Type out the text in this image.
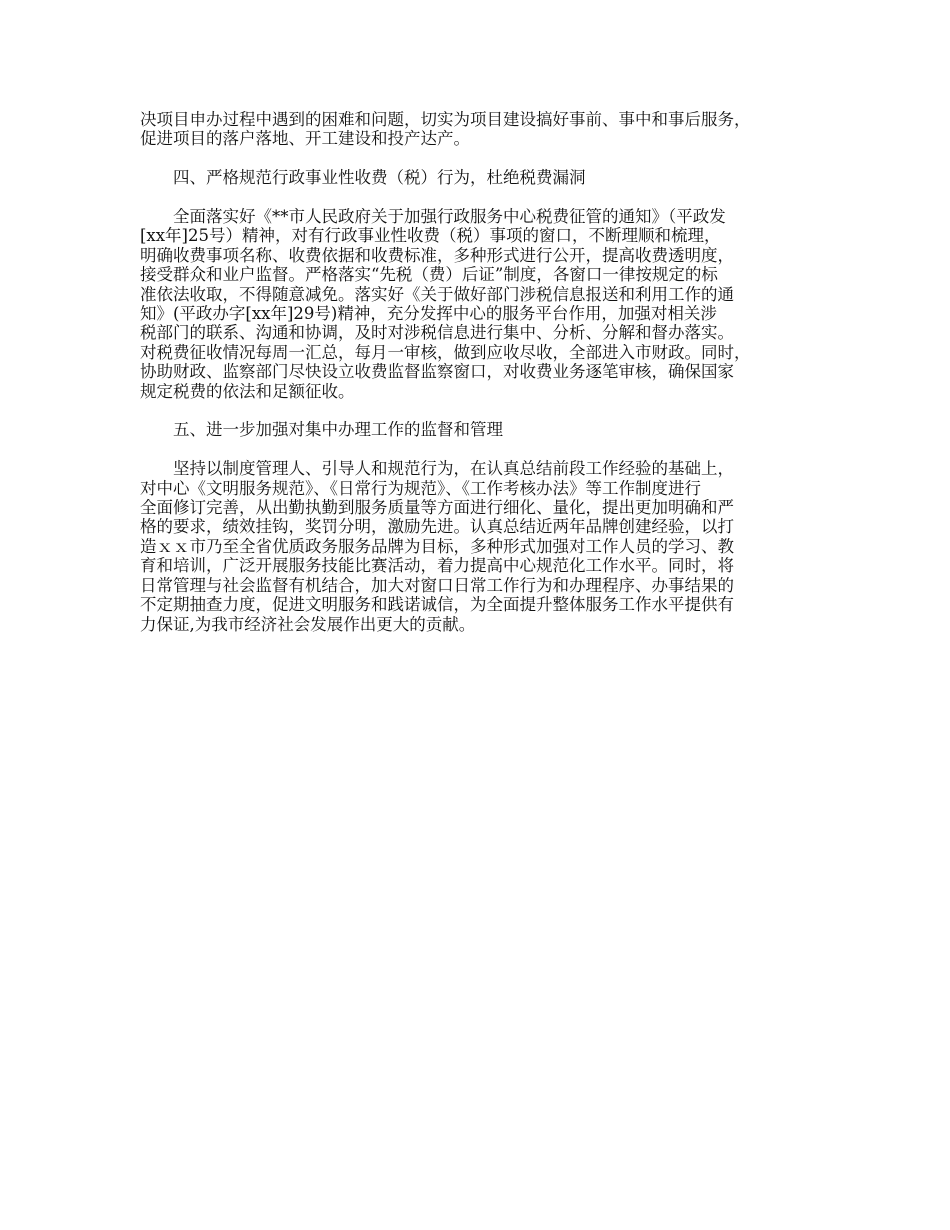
决项目申办过程中遇到的困难和问题，切实为项目建设搞好事前、事中和事后服务，
促进项目的落户落地、开工建设和投产达产。

四、严格规范行政事业性收费（税）行为，杜绝税费漏洞

全面落实好《**市人民政府关于加强行政服务中心税费征管的通知》（平政发
[xx年]25号）精神，对有行政事业性收费（税）事项的窗口，不断理顺和梳理，
明确收费事项名称、收费依据和收费标准，多种形式进行公开，提高收费透明度，
接受群众和业户监督。严格落实“先税（费）后证”制度，各窗口一律按规定的标
准依法收取，不得随意减免。落实好《关于做好部门涉税信息报送和利用工作的通
知》(平政办字[xx年]29号)精神，充分发挥中心的服务平台作用，加强对相关涉
税部门的联系、沟通和协调，及时对涉税信息进行集中、分析、分解和督办落实。
对税费征收情况每周一汇总，每月一审核，做到应收尽收，全部进入市财政。同时，
协助财政、监察部门尽快设立收费监督监察窗口，对收费业务逐笔审核，确保国家
规定税费的依法和足额征收。

五、进一步加强对集中办理工作的监督和管理

坚持以制度管理人、引导人和规范行为，在认真总结前段工作经验的基础上，
对中心《文明服务规范》、《日常行为规范》、《工作考核办法》等工作制度进行
全面修订完善，从出勤执勤到服务质量等方面进行细化、量化，提出更加明确和严
格的要求，绩效挂钩，奖罚分明，激励先进。认真总结近两年品牌创建经验，以打
造ｘｘ市乃至全省优质政务服务品牌为目标，多种形式加强对工作人员的学习、教
育和培训，广泛开展服务技能比赛活动，着力提高中心规范化工作水平。同时，将
日常管理与社会监督有机结合，加大对窗口日常工作行为和办理程序、办事结果的
不定期抽查力度，促进文明服务和践诺诚信，为全面提升整体服务工作水平提供有
力保证,为我市经济社会发展作出更大的贡献。
